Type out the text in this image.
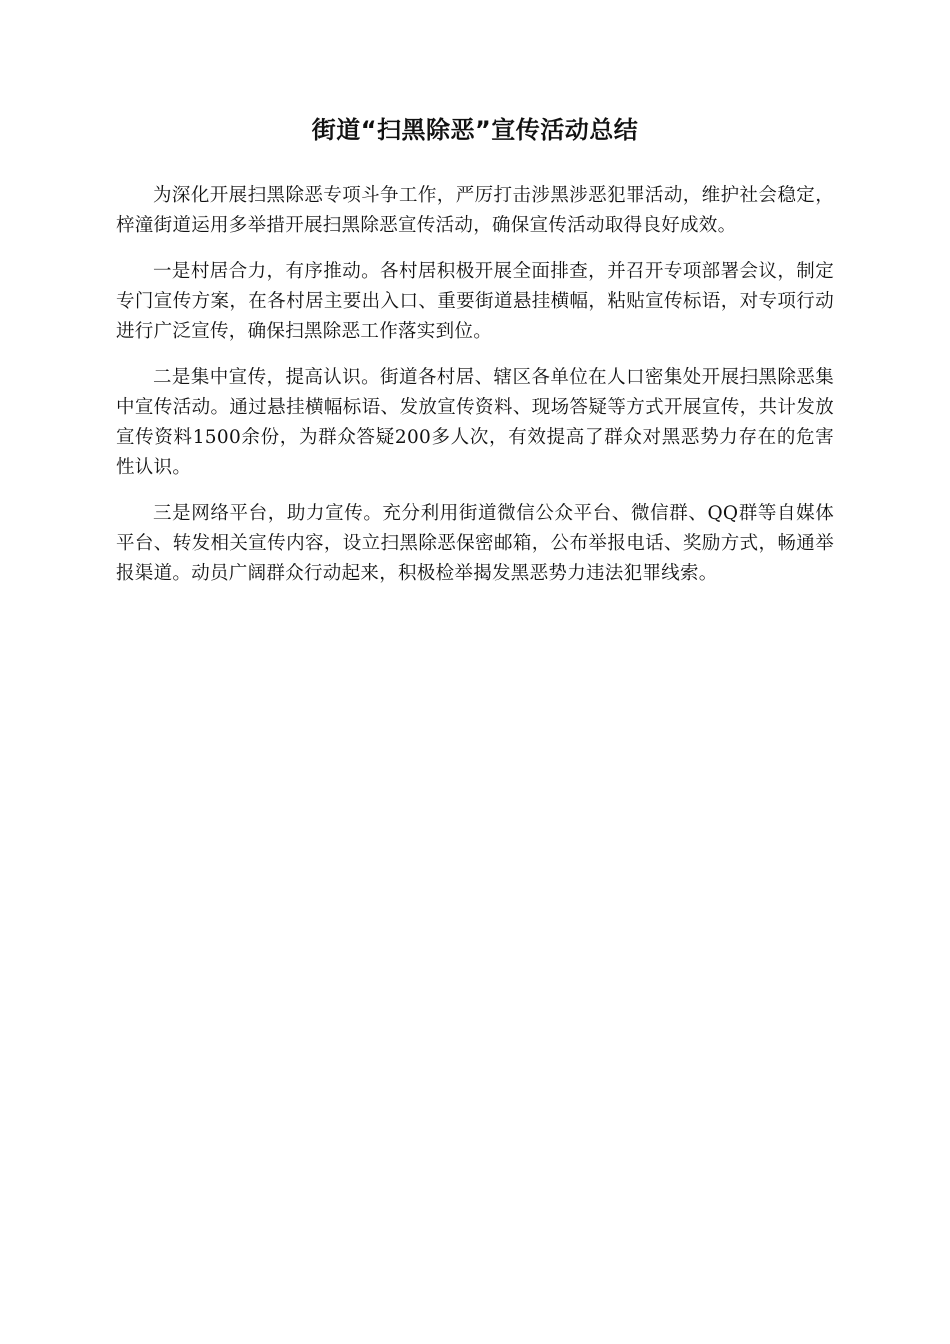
街道“扫黑除恶”宣传活动总结

为深化开展扫黑除恶专项斗争工作，严厉打击涉黑涉恶犯罪活动，维护社会稳定，梓潼街道运用多举措开展扫黑除恶宣传活动，确保宣传活动取得良好成效。

一是村居合力，有序推动。各村居积极开展全面排查，并召开专项部署会议，制定专门宣传方案，在各村居主要出入口、重要街道悬挂横幅，粘贴宣传标语，对专项行动进行广泛宣传，确保扫黑除恶工作落实到位。

二是集中宣传，提高认识。街道各村居、辖区各单位在人口密集处开展扫黑除恶集中宣传活动。通过悬挂横幅标语、发放宣传资料、现场答疑等方式开展宣传，共计发放宣传资料1500余份，为群众答疑200多人次，有效提高了群众对黑恶势力存在的危害性认识。

三是网络平台，助力宣传。充分利用街道微信公众平台、微信群、QQ群等自媒体平台、转发相关宣传内容，设立扫黑除恶保密邮箱，公布举报电话、奖励方式，畅通举报渠道。动员广阔群众行动起来，积极检举揭发黑恶势力违法犯罪线索。
